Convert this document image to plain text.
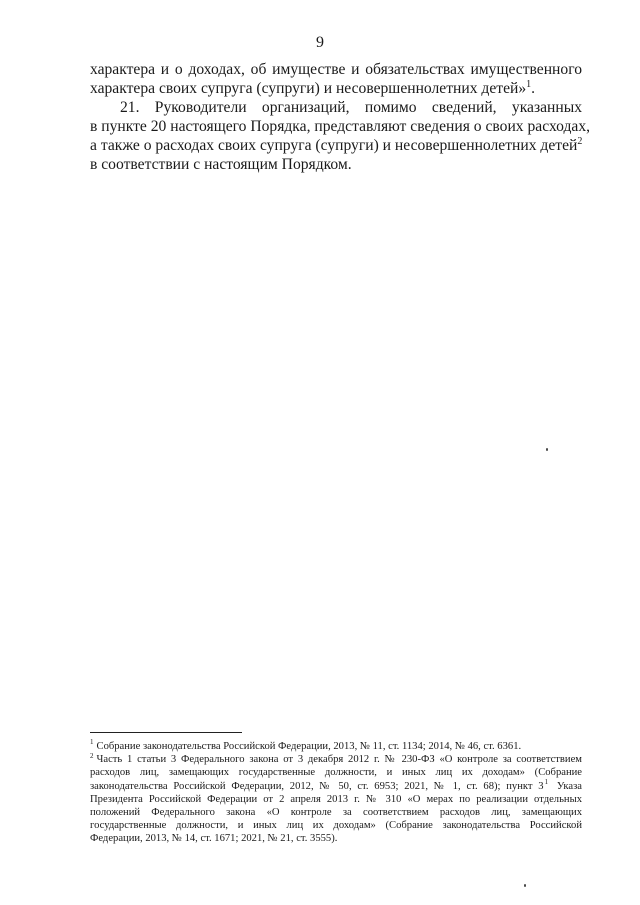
9
характера и о доходах, об имуществе и обязательствах имущественного
характера своих супруга (супруги) и несовершеннолетних детей»$^1$.
21. Руководители организаций, помимо сведений, указанных
в пункте 20 настоящего Порядка, представляют сведения о своих расходах,
а также о расходах своих супруга (супруги) и несовершеннолетних детей$^2$
в соответствии с настоящим Порядком.
$^1$ Собрание законодательства Российской Федерации, 2013, № 11, ст. 1134; 2014, № 46, ст. 6361.
$^2$ Часть 1 статьи 3 Федерального закона от 3 декабря 2012 г. № 230-ФЗ «О контроле за соответствием
расходов лиц, замещающих государственные должности, и иных лиц их доходам» (Собрание
законодательства Российской Федерации, 2012, № 50, ст. 6953; 2021, № 1, ст. 68); пункт 3$^1$ Указа
Президента Российской Федерации от 2 апреля 2013 г. № 310 «О мерах по реализации отдельных
положений Федерального закона «О контроле за соответствием расходов лиц, замещающих
государственные должности, и иных лиц их доходам» (Собрание законодательства Российской
Федерации, 2013, № 14, ст. 1671; 2021, № 21, ст. 3555).
